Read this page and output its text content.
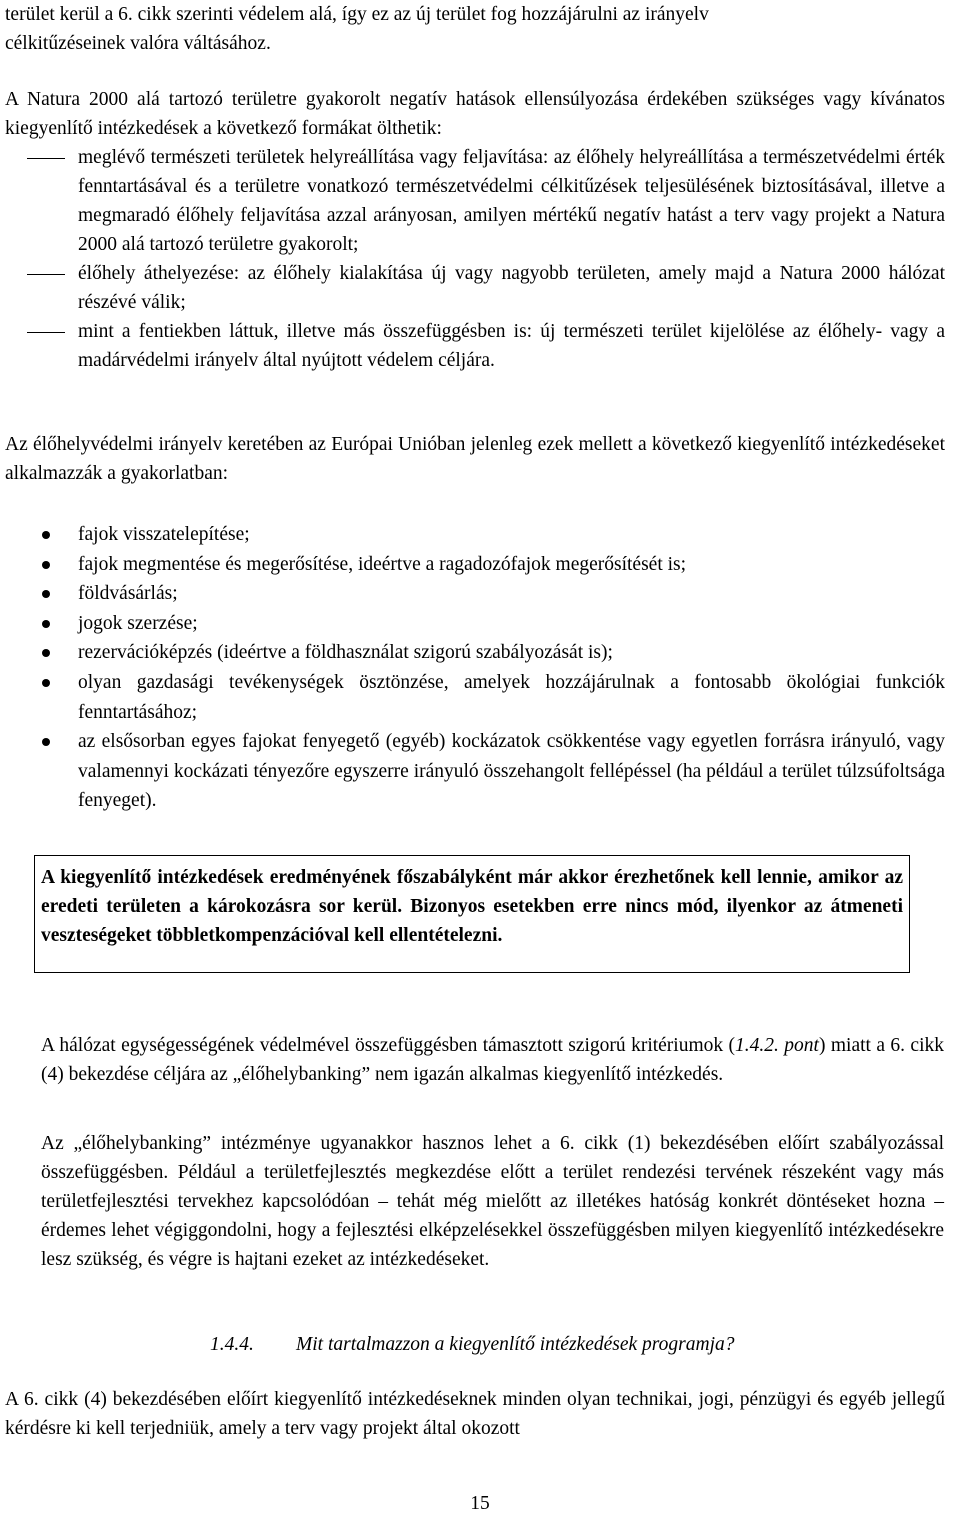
terület kerül a 6. cikk szerinti védelem alá, így ez az új terület fog hozzájárulni az irányelv

célkitűzéseinek valóra váltásához.

A Natura 2000 alá tartozó területre gyakorolt negatív hatások ellensúlyozása érdekében szükséges vagy kívánatos kiegyenlítő intézkedések a következő formákat ölthetik:

meglévő természeti területek helyreállítása vagy feljavítása: az élőhely helyreállítása a természetvédelmi érték fenntartásával és a területre vonatkozó természetvédelmi célkitűzések teljesülésének biztosításával, illetve a megmaradó élőhely feljavítása azzal arányosan, amilyen mértékű negatív hatást a terv vagy projekt a Natura 2000 alá tartozó területre gyakorolt;
élőhely áthelyezése: az élőhely kialakítása új vagy nagyobb területen, amely majd a Natura 2000 hálózat részévé válik;
mint a fentiekben láttuk, illetve más összefüggésben is: új természeti terület kijelölése az élőhely- vagy a madárvédelmi irányelv által nyújtott védelem céljára.

Az élőhelyvédelmi irányelv keretében az Európai Unióban jelenleg ezek mellett a következő kiegyenlítő intézkedéseket alkalmazzák a gyakorlatban:

fajok visszatelepítése;
fajok megmentése és megerősítése, ideértve a ragadozófajok megerősítését is;
földvásárlás;
jogok szerzése;
rezervációképzés (ideértve a földhasználat szigorú szabályozását is);
olyan gazdasági tevékenységek ösztönzése, amelyek hozzájárulnak a fontosabb ökológiai funkciók fenntartásához;
az elsősorban egyes fajokat fenyegető (egyéb) kockázatok csökkentése vagy egyetlen forrásra irányuló, vagy valamennyi kockázati tényezőre egyszerre irányuló összehangolt fellépéssel (ha például a terület túlzsúfoltsága fenyeget).
A kiegyenlítő intézkedések eredményének főszabályként már akkor érezhetőnek kell lennie, amikor az eredeti területen a károkozásra sor kerül. Bizonyos esetekben erre nincs mód, ilyenkor az átmeneti veszteségeket többletkompenzációval kell ellentételezni.

A hálózat egységességének védelmével összefüggésben támasztott szigorú kritériumok (1.4.2. pont) miatt a 6. cikk (4) bekezdése céljára az „élőhelybanking” nem igazán alkalmas kiegyenlítő intézkedés.

Az „élőhelybanking” intézménye ugyanakkor hasznos lehet a 6. cikk (1) bekezdésében előírt szabályozással összefüggésben. Például a területfejlesztés megkezdése előtt a terület rendezési tervének részeként vagy más területfejlesztési tervekhez kapcsolódóan – tehát még mielőtt az illetékes hatóság konkrét döntéseket hozna – érdemes lehet végiggondolni, hogy a fejlesztési elképzelésekkel összefüggésben milyen kiegyenlítő intézkedésekre lesz szükség, és végre is hajtani ezeket az intézkedéseket.

1.4.4. Mit tartalmazzon a kiegyenlítő intézkedések programja?

A 6. cikk (4) bekezdésében előírt kiegyenlítő intézkedéseknek minden olyan technikai, jogi, pénzügyi és egyéb jellegű kérdésre ki kell terjedniük, amely a terv vagy projekt által okozott

15
